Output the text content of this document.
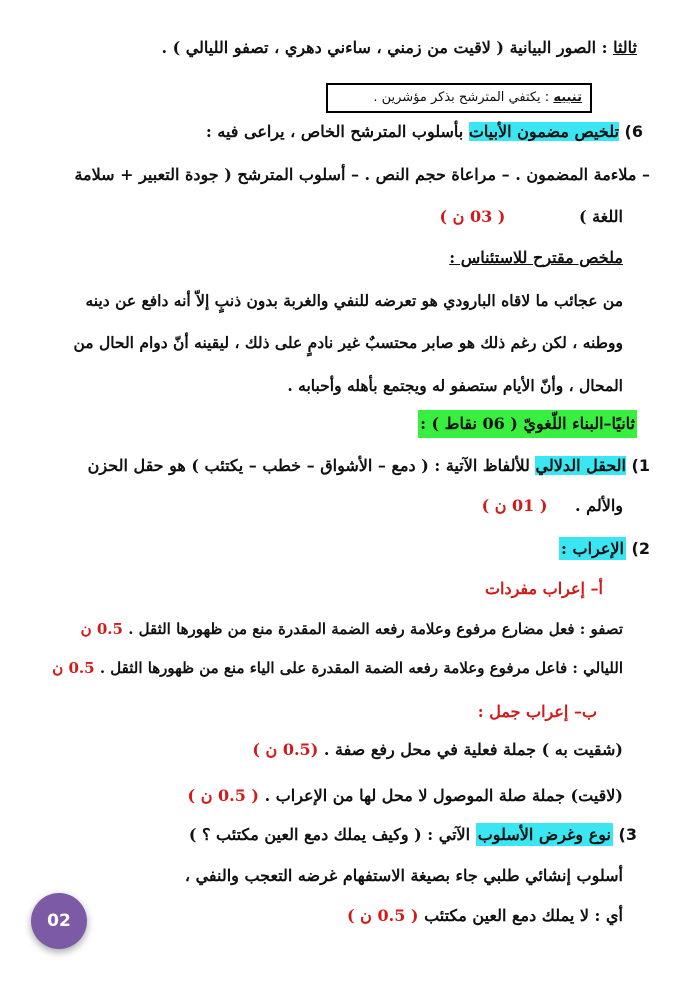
ثالثا : الصور البيانية ( لاقيت من زمني ، ساءني دهري ، تصفو الليالي ) .
تنبيه : يكتفي المترشح بذكر مؤشرين .
6) تلخيص مضمون الأبيات بأسلوب المترشح الخاص ، يراعى فيه :
– ملاءمة المضمون . – مراعاة حجم النص . – أسلوب المترشح ( جودة التعبير + سلامة
اللغة ) ( 03 ن )
ملخص مقترح للاستئناس :
من عجائب ما لاقاه البارودي هو تعرضه للنفي والغربة بدون ذنبٍ إلاّ أنه دافع عن دينه
ووطنه ، لكن رغم ذلك هو صابر محتسبٌ غير نادمٍ على ذلك ، ليقينه أنّ دوام الحال من
المحال ، وأنّ الأيام ستصفو له ويجتمع بأهله وأحبابه .
ثانيًا–البناء اللّغويّ ( 06 نقاط ) :
1) الحقل الدلالي للألفاظ الآتية : ( دمع – الأشواق – خطب – يكتئب ) هو حقل الحزن
والألم . ( 01 ن )
2) الإعراب :
أ– إعراب مفردات
تصفو : فعل مضارع مرفوع وعلامة رفعه الضمة المقدرة منع من ظهورها الثقل . 0.5 ن
الليالي : فاعل مرفوع وعلامة رفعه الضمة المقدرة على الياء منع من ظهورها الثقل . 0.5 ن
ب– إعراب جمل :
(شقيت به ) جملة فعلية في محل رفع صفة . (0.5 ن )
(لاقيت) جملة صلة الموصول لا محل لها من الإعراب . ( 0.5 ن )
3) نوع وغرض الأسلوب الآتي : ( وكيف يملك دمع العين مكتئب ؟ )
أسلوب إنشائي طلبي جاء بصيغة الاستفهام غرضه التعجب والنفي ،
أي : لا يملك دمع العين مكتئب ( 0.5 ن )
02
